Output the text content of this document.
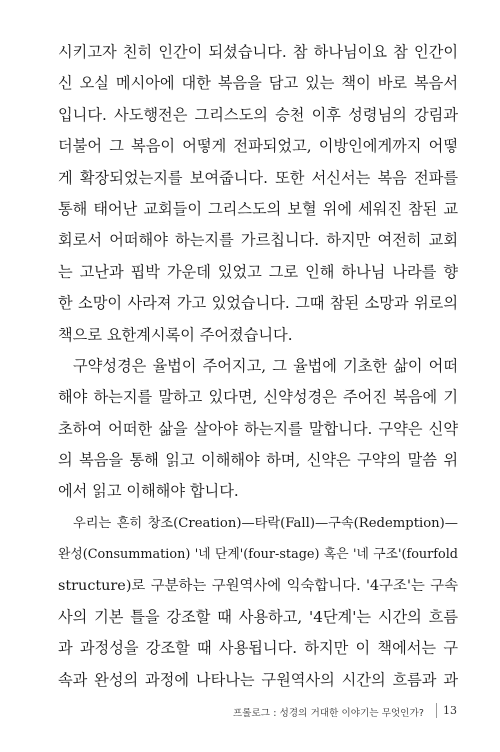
시키고자 친히 인간이 되셨습니다. 참 하나님이요 참 인간이
신 오실 메시아에 대한 복음을 담고 있는 책이 바로 복음서
입니다. 사도행전은 그리스도의 승천 이후 성령님의 강림과
더불어 그 복음이 어떻게 전파되었고, 이방인에게까지 어떻
게 확장되었는지를 보여줍니다. 또한 서신서는 복음 전파를
통해 태어난 교회들이 그리스도의 보혈 위에 세워진 참된 교
회로서 어떠해야 하는지를 가르칩니다. 하지만 여전히 교회
는 고난과 핍박 가운데 있었고 그로 인해 하나님 나라를 향
한 소망이 사라져 가고 있었습니다. 그때 참된 소망과 위로의
책으로 요한계시록이 주어졌습니다.
구약성경은 율법이 주어지고, 그 율법에 기초한 삶이 어떠
해야 하는지를 말하고 있다면, 신약성경은 주어진 복음에 기
초하여 어떠한 삶을 살아야 하는지를 말합니다. 구약은 신약
의 복음을 통해 읽고 이해해야 하며, 신약은 구약의 말씀 위
에서 읽고 이해해야 합니다.
우리는 흔히 창조(Creation)—타락(Fall)—구속(Redemption)—
완성(Consummation) '네 단계'(four-stage) 혹은 '네 구조'(fourfold
structure)로 구분하는 구원역사에 익숙합니다. '4구조'는 구속
사의 기본 틀을 강조할 때 사용하고, '4단계'는 시간의 흐름
과 과정성을 강조할 때 사용됩니다. 하지만 이 책에서는 구
속과 완성의 과정에 나타나는 구원역사의 시간의 흐름과 과
프롤로그 : 성경의 거대한 이야기는 무엇인가? 13
